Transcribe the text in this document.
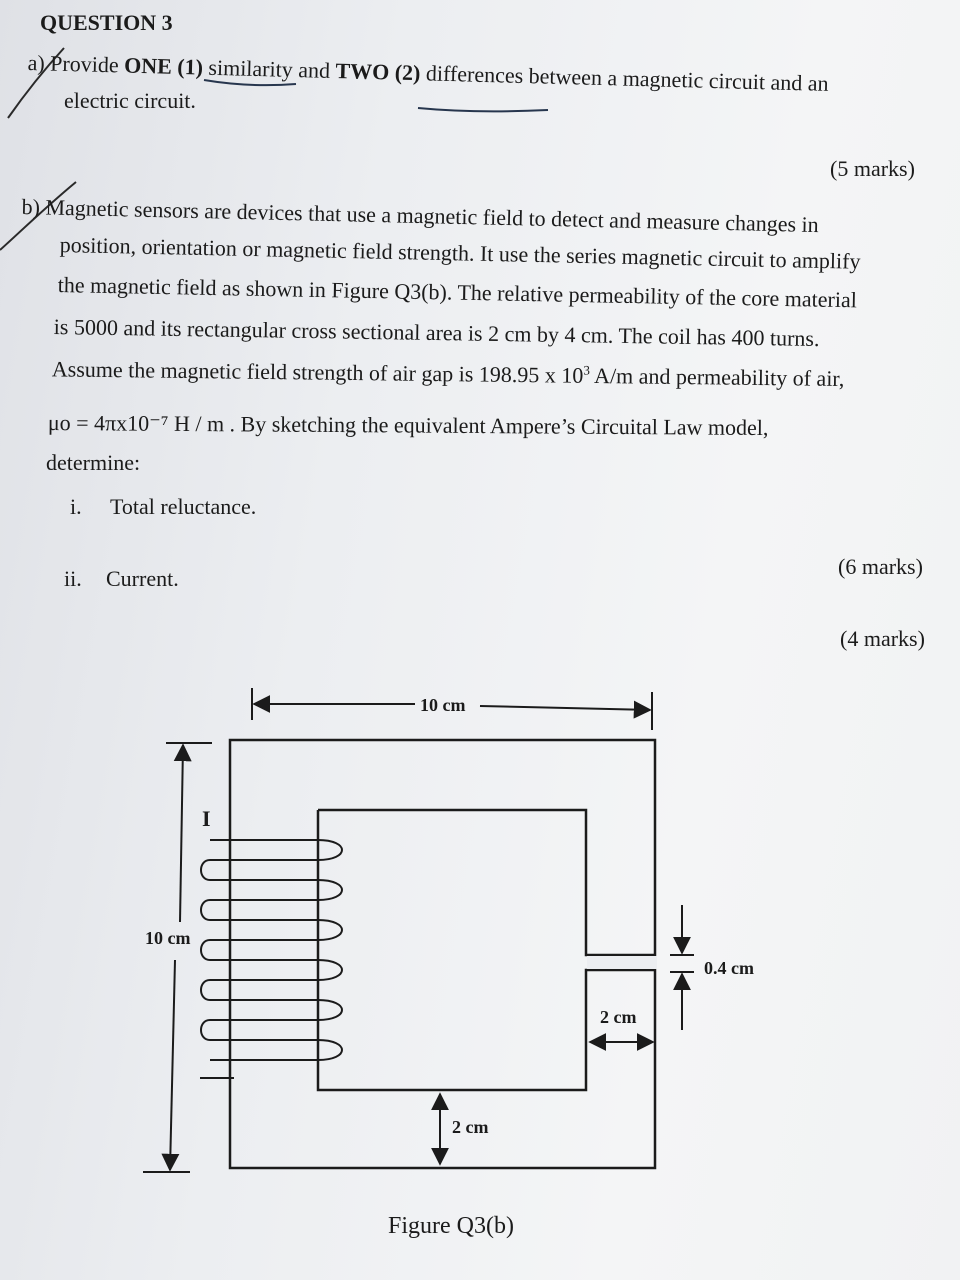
QUESTION 3
a) Provide ONE (1) similarity and TWO (2) differences between a magnetic circuit and an
electric circuit.
(5 marks)
b) Magnetic sensors are devices that use a magnetic field to detect and measure changes in
position, orientation or magnetic field strength. It use the series magnetic circuit to amplify
the magnetic field as shown in Figure Q3(b). The relative permeability of the core material
is 5000 and its rectangular cross sectional area is 2 cm by 4 cm. The coil has 400 turns.
Assume the magnetic field strength of air gap is 198.95 x $10^3$ A/m and permeability of air,
μo = 4πx10⁻⁷ H / m . By sketching the equivalent Ampere’s Circuital Law model,
determine:
i. Total reluctance.
ii. Current.	(6 marks)
(4 marks)
I
10 cm
10 cm
0.4 cm
2 cm
2 cm
Figure Q3(b)
